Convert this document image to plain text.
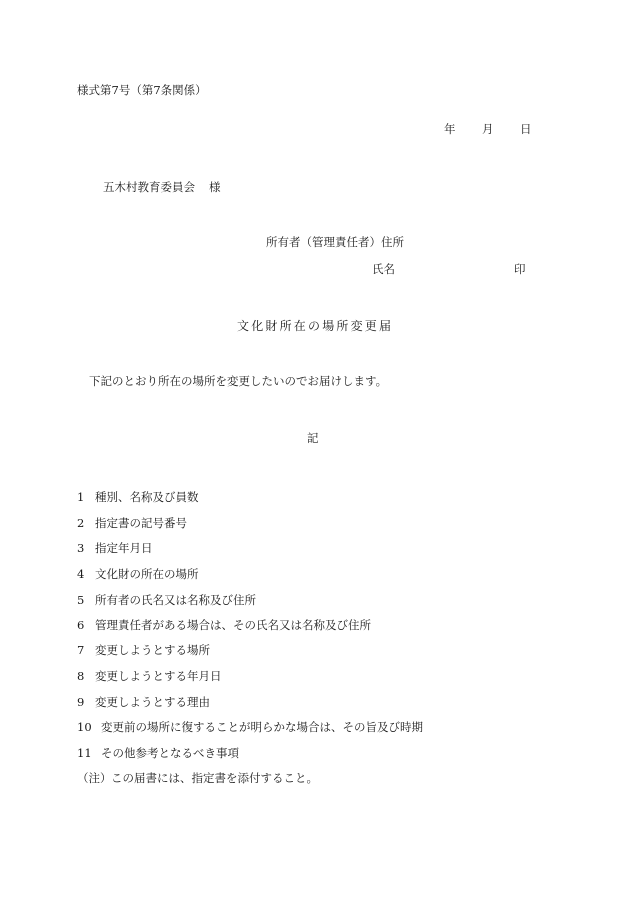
様式第7号（第7条関係）
年 月 日
五木村教育委員会 様
所有者（管理責任者）住所
氏名	印
文化財所在の場所変更届
下記のとおり所在の場所を変更したいのでお届けします。
記
1 種別、名称及び員数
2 指定書の記号番号
3 指定年月日
4 文化財の所在の場所
5 所有者の氏名又は名称及び住所
6 管理責任者がある場合は、その氏名又は名称及び住所
7 変更しようとする場所
8 変更しようとする年月日
9 変更しようとする理由
10 変更前の場所に復することが明らかな場合は、その旨及び時期
11 その他参考となるべき事項
（注）この届書には、指定書を添付すること。
